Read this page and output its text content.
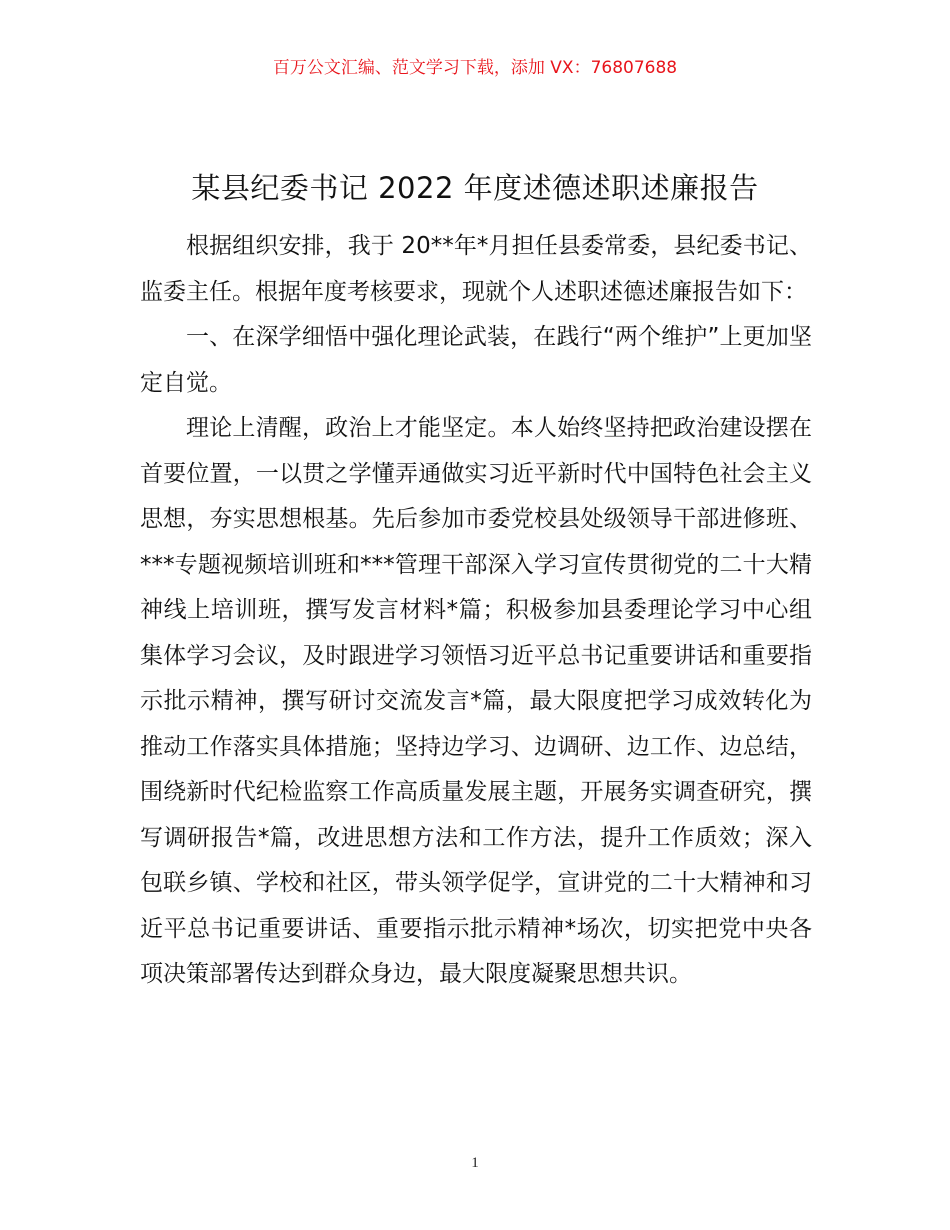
百万公文汇编、范文学习下载，添加 VX：76807688
某县纪委书记 2022 年度述德述职述廉报告

根据组织安排，我于 20**年*月担任县委常委，县纪委书记、监委主任。根据年度考核要求，现就个人述职述德述廉报告如下：

一、在深学细悟中强化理论武装，在践行“两个维护”上更加坚定自觉。

理论上清醒，政治上才能坚定。本人始终坚持把政治建设摆在首要位置，一以贯之学懂弄通做实习近平新时代中国特色社会主义思想，夯实思想根基。先后参加市委党校县处级领导干部进修班、***专题视频培训班和***管理干部深入学习宣传贯彻党的二十大精神线上培训班，撰写发言材料*篇；积极参加县委理论学习中心组集体学习会议，及时跟进学习领悟习近平总书记重要讲话和重要指示批示精神，撰写研讨交流发言*篇，最大限度把学习成效转化为推动工作落实具体措施；坚持边学习、边调研、边工作、边总结，围绕新时代纪检监察工作高质量发展主题，开展务实调查研究，撰写调研报告*篇，改进思想方法和工作方法，提升工作质效；深入包联乡镇、学校和社区，带头领学促学，宣讲党的二十大精神和习近平总书记重要讲话、重要指示批示精神*场次，切实把党中央各项决策部署传达到群众身边，最大限度凝聚思想共识。

1
